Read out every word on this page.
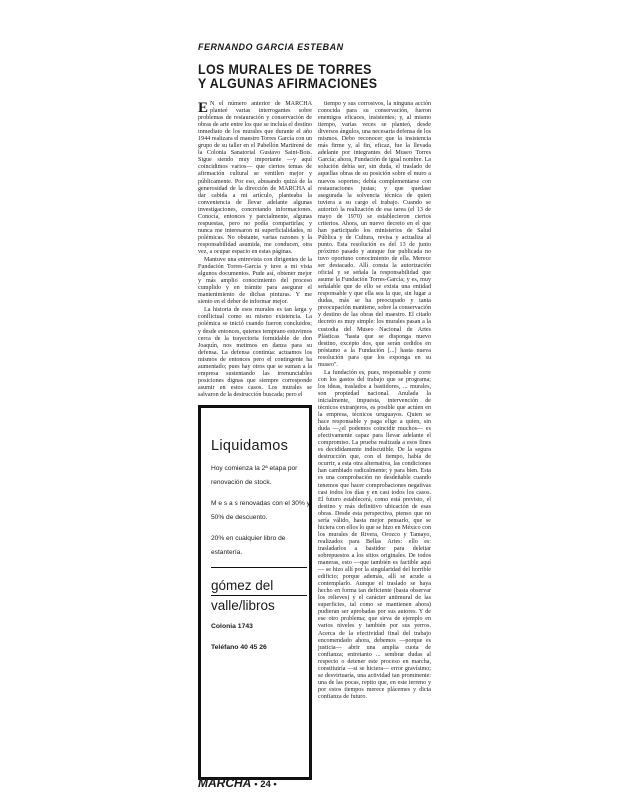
FERNANDO GARCIA ESTEBAN
LOS MURALES DE TORRES
Y ALGUNAS AFIRMACIONES

E N el número anterior de MARCHA planteé varias interrogantes sobre problemas de restauración y conservación de obras de arte entre los que se incluía el destino inmediato de los murales que durante el año 1944 realizara el maestro Torres García con un grupo de su taller en el Pabellón Martirené de la Colonia Sanatorial Gustavo Saint-Bois. Sigue siendo muy importante —y aquí coincidimos varios— que ciertos temas de afirmación cultural se ventilen mejor y públicamente. Por eso, abusando quizá de la generosidad de la dirección de MARCHA al dar cabida a mi artículo, planteaba la conveniencia de llevar adelante algunas investigaciones, concretando informaciones. Conocía, entonces y parcialmente, algunas respuestas, pero no podía compartirlas; y nunca me interesaron ni superficialidades, ni polémicas. No obstante, varias razones y la responsabilidad asumida, me conducen, otra vez, a ocupar espacio en estas páginas.

Mantuve una entrevista con dirigentes de la Fundación Torres-García y tuve a mi vista algunos documentos. Pude así, obtener mejor y más amplio conocimiento del proceso cumplido y en trámite para asegurar el mantenimiento de dichas pinturas. Y me siento en el deber de informar mejor.

La historia de esos murales es tan larga y conflictual como su mismo existencia. La polémica se inició cuando fueron concluidos; y desde entonces, quienes temprano estuvimos cerca de la trayectoria formidable de don Joaquín, nos metimos en danza para su defensa. La defensa continúa: actuamos los mismos de entonces pero el contingente ha aumentado; pues hay otros que se suman a la empresa sustentando las irrenunciables posiciones dignas que siempre corresponde asumir en estos casos. Los murales se salvaron de la destrucción buscada; pero el

tiempo y sus corrosivos, la ninguna acción conocida para su conservación, fueron enemigos eficaces, insistentes; y, al mismo tiempo, varias veces se planteó, desde diversos ángulos, una necesaria defensa de los mismos. Debo reconocer que la insistencia más firme y, al fin, eficaz, fue la llevada adelante por integrantes del Museo Torres García; ahora, Fundación de igual nombre. La solución debía ser, sin duda, el traslado de aquellas obras de su posición sobre el muro a nuevos soportes; debía complementarse con restauraciones justas; y que quedase asegurada la solvencia técnica de quien tuviera a su cargo el trabajo. Cuando se autorizó la realización de esa tarea (el 13 de mayo de 1970) se establecieron ciertos criterios. Ahora, un nuevo decreto en el que han participado los ministerios de Salud Pública y de Cultura, revisa y actualiza al punto. Esta resolución es del 13 de junio próximo pasado y aunque fue publicada no tuvo oportuno conocimiento de ella. Merece ser destacado. Allí consta la autorización oficial y se señala la responsabilidad que asume la Fundación Torres-García; y es, muy señalable que de ello se exista una entidad responsable y que ella sea la que, sin lugar a dudas, más se ha preocupado y tanta preocupación mantiene, sobre la conservación y destino de las obras del maestro. El citado decreto es muy simple: los murales pasan a la custodia del Museo Nacional de Artes Plásticas "hasta que se disponga nuevo destino, excepto dos, que serán cedidos en préstamo a la Fundación [...] hasta nueva resolución para que los exponga en su museo".

La fundación es, pues, responsable y corre con los gastos del trabajo que se programa; los ideas, traslados a bastidores, ... murales, son propiedad nacional. Anulada la inicialmente, impuesta, intervención de técnicos extranjeros, es posible que actúen en la empresa, técnicos uruguayos. Quien se hace responsable y paga elige a quien, sin duda —¿el podemos coincidir muchos— es efectivamente capaz para llevar adelante el compromiso. La prueba realizada a esos fines es decididamente indiscutible. De la segura destrucción que, con el tiempo, había de ocurrir, a esta otra alternativa, las condiciones han cambiado radicalmente; y para bien. Esta es una comprobación no desdeñable cuando tenemos que hacer comprobaciones negativas casi todos los días y en casi todos los casos. El futuro establecerá, como está previsto, el destino y más definitivo ubicación de esas obras. Desde esta perspectiva, pienso que no sería válido, hasta mejor pensarlo, que se hiciera con ellos lo que se hizo en México con los murales de Rivera, Orozco y Tamayo, realizados para Bellas Artes: ello es: trasladarlos a bastidor para deleitar sobrepuestos a los sitios originales. De todos maneras, esto —que también es factible aquí— se hizo allí por la singularidad del horrible edificio; porque además, allí se acude a contemplarlo. Aunque el traslado se haya hecho en forma tan deficiente (basta observar los relieves) y el carácter antimural de las superficies, tal como se mantienen ahora) pudieran ser aprobadas por sus autores. Y de ese otro problema; que sirva de ejemplo en varios niveles y también por sus yerros. Acerca de la efectividad final del trabajo encomendado ahora, debemos —porque es justicia— abrir una amplia cuota de confianza; entretanto ... sembrar dudas al respecto o detener este proceso en marcha, constituiría —si se hiciera— error gravísimo; se desvirtuaría, una actividad tan prominente: una de las pocas, repito que, en este terreno y por estos tiempos merece plácemes y dicta confianza de futuro.

Liquidamos

Hoy comienza la 2ª etapa por renovación de stock.

M e s a s renovadas con el 30% y 50% de descuento.

20% en cualquier libro de estantería.

gómez del

valle/libros

Colonia 1743

Teléfano 40 45 26

MARCHA • 24 •
